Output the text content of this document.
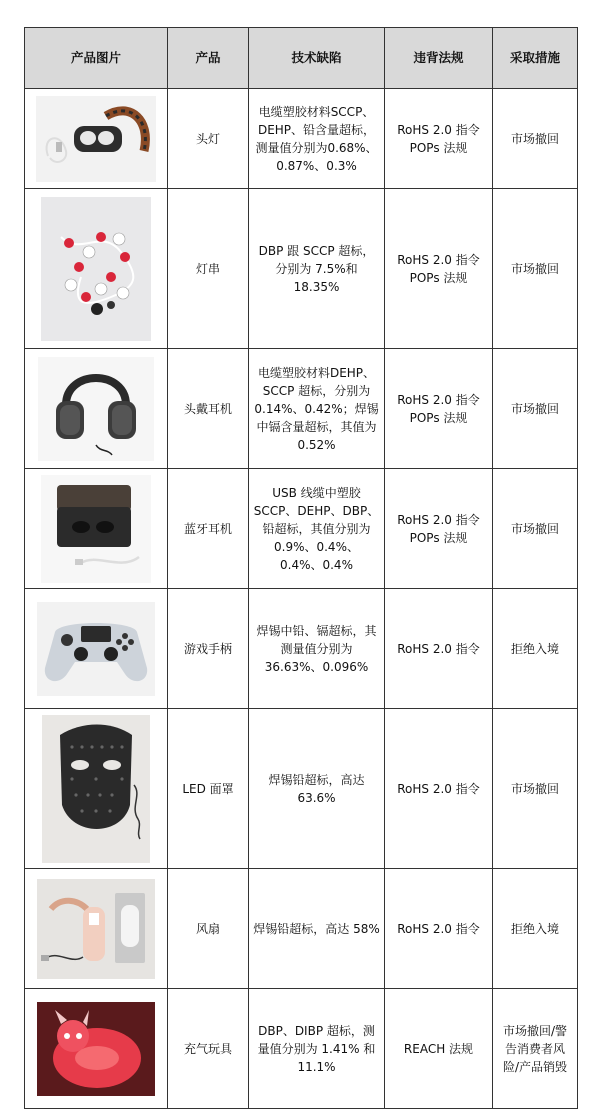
产品图片	产品	技术缺陷	违背法规	采取措施

	头灯	电缆塑胶材料SCCP、DEHP、铅含量超标，测量值分别为0.68%、0.87%、0.3%	RoHS 2.0 指令 POPs 法规	市场撤回

	灯串	DBP 跟 SCCP 超标，分别为 7.5%和 18.35%	RoHS 2.0 指令 POPs 法规	市场撤回

	头戴耳机	电缆塑胶材料DEHP、SCCP 超标，分别为 0.14%、0.42%；焊锡中镉含量超标，其值为 0.52%	RoHS 2.0 指令 POPs 法规	市场撤回

	蓝牙耳机	USB 线缆中塑胶SCCP、DEHP、DBP、铅超标，其值分别为 0.9%、0.4%、0.4%、0.4%	RoHS 2.0 指令 POPs 法规	市场撤回

	游戏手柄	焊锡中铅、镉超标，其测量值分别为 36.63%、0.096%	RoHS 2.0 指令	拒绝入境

	LED 面罩	焊锡铅超标，高达 63.6%	RoHS 2.0 指令	市场撤回

	风扇	焊锡铅超标，高达 58%	RoHS 2.0 指令	拒绝入境

	充气玩具	DBP、DIBP 超标，测量值分别为 1.41% 和 11.1%	REACH 法规	市场撤回/警告消费者风险/产品销毁
